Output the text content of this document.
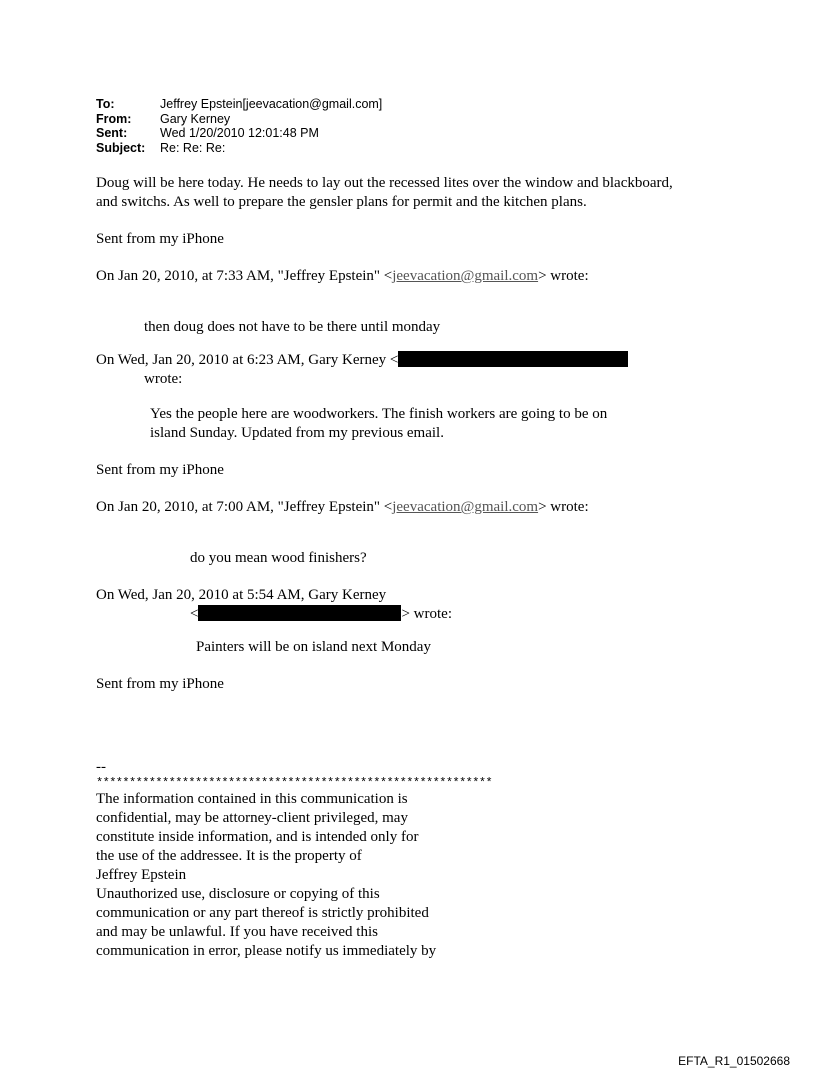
To:	Jeffrey Epstein[jeevacation@gmail.com]
From:	Gary Kerney
Sent:	Wed 1/20/2010 12:01:48 PM
Subject:	Re: Re: Re:

Doug will be here today. He needs to lay out the recessed lites over the window and blackboard,

and switchs. As well to prepare the gensler plans for permit and the kitchen plans.

Sent from my iPhone

On Jan 20, 2010, at 7:33 AM, "Jeffrey Epstein" <jeevacation@gmail.com> wrote:

then doug does not have to be there until monday

On Wed, Jan 20, 2010 at 6:23 AM, Gary Kerney <

wrote:

Yes the people here are woodworkers. The finish workers are going to be on

island Sunday. Updated from my previous email.

Sent from my iPhone

On Jan 20, 2010, at 7:00 AM, "Jeffrey Epstein" <jeevacation@gmail.com> wrote:

do you mean wood finishers?

On Wed, Jan 20, 2010 at 5:54 AM, Gary Kerney

<	> wrote:

Painters will be on island next Monday

Sent from my iPhone

--

************************************************************

The information contained in this communication is

confidential, may be attorney-client privileged, may

constitute inside information, and is intended only for

the use of the addressee. It is the property of

Jeffrey Epstein

Unauthorized use, disclosure or copying of this

communication or any part thereof is strictly prohibited

and may be unlawful. If you have received this

communication in error, please notify us immediately by

EFTA_R1_01502668
